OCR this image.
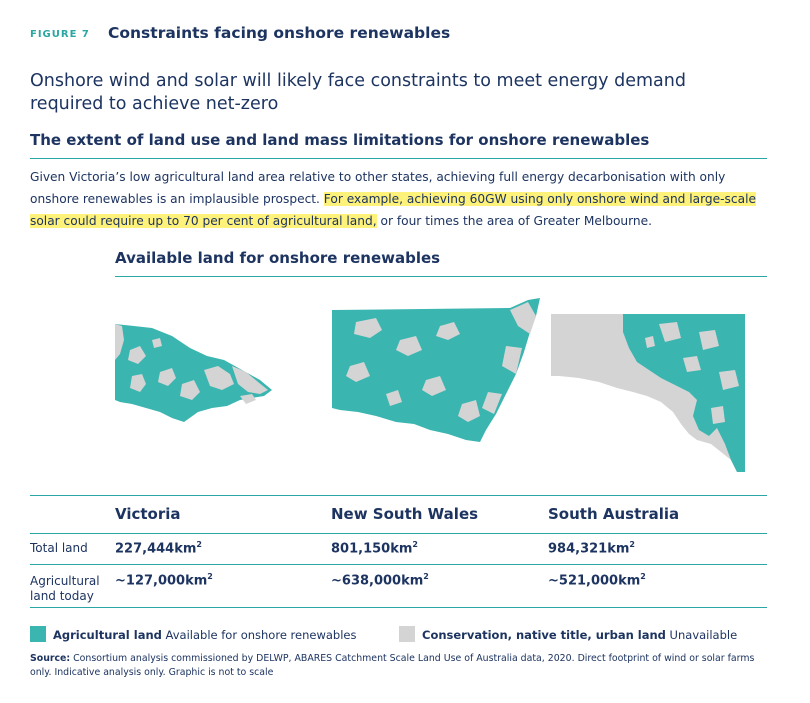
FIGURE 7 Constraints facing onshore renewables
Onshore wind and solar will likely face constraints to meet energy demand required to achieve net-zero
The extent of land use and land mass limitations for onshore renewables
Given Victoria’s low agricultural land area relative to other states, achieving full energy decarbonisation with only onshore renewables is an implausible prospect. For example, achieving 60GW using only onshore wind and large-scale solar could require up to 70 per cent of agricultural land, or four times the area of Greater Melbourne.
Available land for onshore renewables
Victoria	New South Wales	South Australia
Total land $227,444km^2$	$801,150km^2$	$984,321km^2$
Agricultural
land today
$\sim 127,000km^2$	$\sim 638,000km^2$	$\sim 521,000km^2$
Agricultural land Available for onshore renewables	Conservation, native title, urban land Unavailable
Source: Consortium analysis commissioned by DELWP, ABARES Catchment Scale Land Use of Australia data, 2020. Direct footprint of wind or solar farms only. Indicative analysis only. Graphic is not to scale
